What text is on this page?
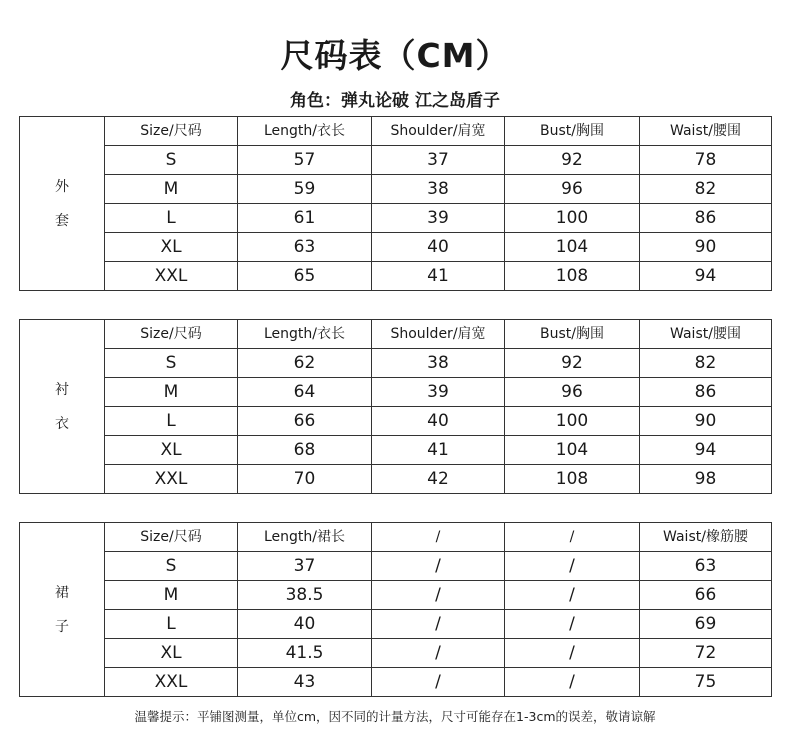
尺码表（CM）
角色：弹丸论破 江之岛盾子
外
套	Size/尺码	Length/衣长	Shoulder/肩宽	Bust/胸围	Waist/腰围
	S	57	37	92	78
	M	59	38	96	82
	L	61	39	100	86
	XL	63	40	104	90
	XXL	65	41	108	94
衬
衣	Size/尺码	Length/衣长	Shoulder/肩宽	Bust/胸围	Waist/腰围
	S	62	38	92	82
	M	64	39	96	86
	L	66	40	100	90
	XL	68	41	104	94
	XXL	70	42	108	98
裙
子	Size/尺码	Length/裙长	/	/	Waist/橡筋腰
	S	37	/	/	63
	M	38.5	/	/	66
	L	40	/	/	69
	XL	41.5	/	/	72
	XXL	43	/	/	75
温馨提示：平铺图测量，单位cm，因不同的计量方法，尺寸可能存在1-3cm的误差，敬请谅解
